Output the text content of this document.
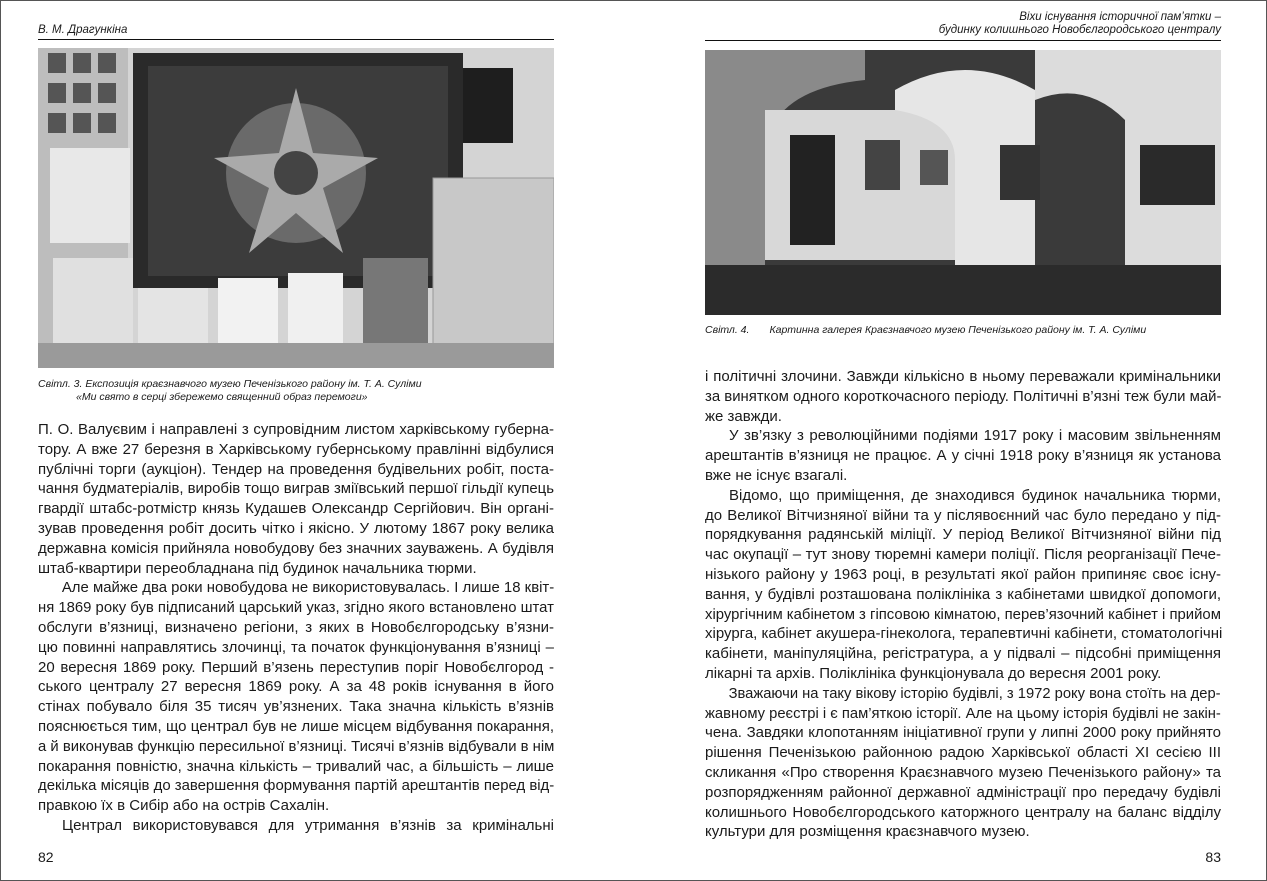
В. М. Драгункіна
Світл. 3. Експозиція краєзнавчого музею Печенізького району ім. Т. А. Суліми
«Ми свято в серці збережемо священний образ перемоги»
П. О. Валуєвим і направлені з супровідним листом харківському губерна-
тору. А вже 27 березня в Харківському губернському правлінні відбулися
публічні торги (аукціон). Тендер на проведення будівельних робіт, поста-
чання будматеріалів, виробів тощо виграв зміївський першої гільдії купець
гвардії штабс-ротмістр князь Кудашев Олександр Сергійович. Він органі-
зував проведення робіт досить чітко і якісно. У лютому 1867 року велика
державна комісія прийняла новобудову без значних зауважень. А будівля
штаб-квартири переобладнана під будинок начальника тюрми.
Але майже два роки новобудова не використовувалась. І лише 18 квіт-
ня 1869 року був підписаний царський указ, згідно якого встановлено штат
обслуги в’язниці, визначено регіони, з яких в Новобєлгородську в’язни-
цю повинні направлятись злочинці, та початок функціонування в’язниці –
20 вересня 1869 року. Перший в’язень переступив поріг Новобєлгород -
ського централу 27 вересня 1869 року. А за 48 років існування в його
стінах побувало біля 35 тисяч ув’язнених. Така значна кількість в’язнів
пояснюється тим, що централ був не лише місцем відбування покарання,
а й виконував функцію пересильної в’язниці. Тисячі в’язнів відбували в нім
покарання повністю, значна кількість – тривалий час, а більшість – лише
декілька місяців до завершення формування партій арештантів перед від-
правкою їх в Сибір або на острів Сахалін.
Централ використовувався для утримання в’язнів за кримінальні
82
Віхи існування історичної пам’ятки –
будинку колишнього Новобєлгородського централу
Світл. 4. Картинна галерея Краєзнавчого музею Печенізького району ім. Т. А. Суліми
і політичні злочини. Завжди кількісно в ньому переважали кримінальники
за винятком одного короткочасного періоду. Політичні в’язні теж були май-
же завжди.
У зв’язку з революційними подіями 1917 року і масовим звільненням
арештантів в’язниця не працює. А у січні 1918 року в’язниця як установа
вже не існує взагалі.
Відомо, що приміщення, де знаходився будинок начальника тюрми,
до Великої Вітчизняної війни та у післявоєнний час було передано у під-
порядкування радянській міліції. У період Великої Вітчизняної війни під
час окупації – тут знову тюремні камери поліції. Після реорганізації Пече-
нізького району у 1963 році, в результаті якої район припиняє своє існу-
вання, у будівлі розташована поліклініка з кабінетами швидкої допомоги,
хірургічним кабінетом з гіпсовою кімнатою, перев’язочний кабінет і прийом
хірурга, кабінет акушера-гінеколога, терапевтичні кабінети, стоматологічні
кабінети, маніпуляційна, регістратура, а у підвалі – підсобні приміщення
лікарні та архів. Поліклініка функціонувала до вересня 2001 року.
Зважаючи на таку вікову історію будівлі, з 1972 року вона стоїть на дер-
жавному реєстрі і є пам’яткою історії. Але на цьому історія будівлі не закін-
чена. Завдяки клопотанням ініціативної групи у липні 2000 року прийнято
рішення Печенізькою районною радою Харківської області XI сесією III
скликання «Про створення Краєзнавчого музею Печенізького району» та
розпорядженням районної державної адміністрації про передачу будівлі
колишнього Новобєлгородського каторжного централу на баланс відділу
культури для розміщення краєзнавчого музею.
83
